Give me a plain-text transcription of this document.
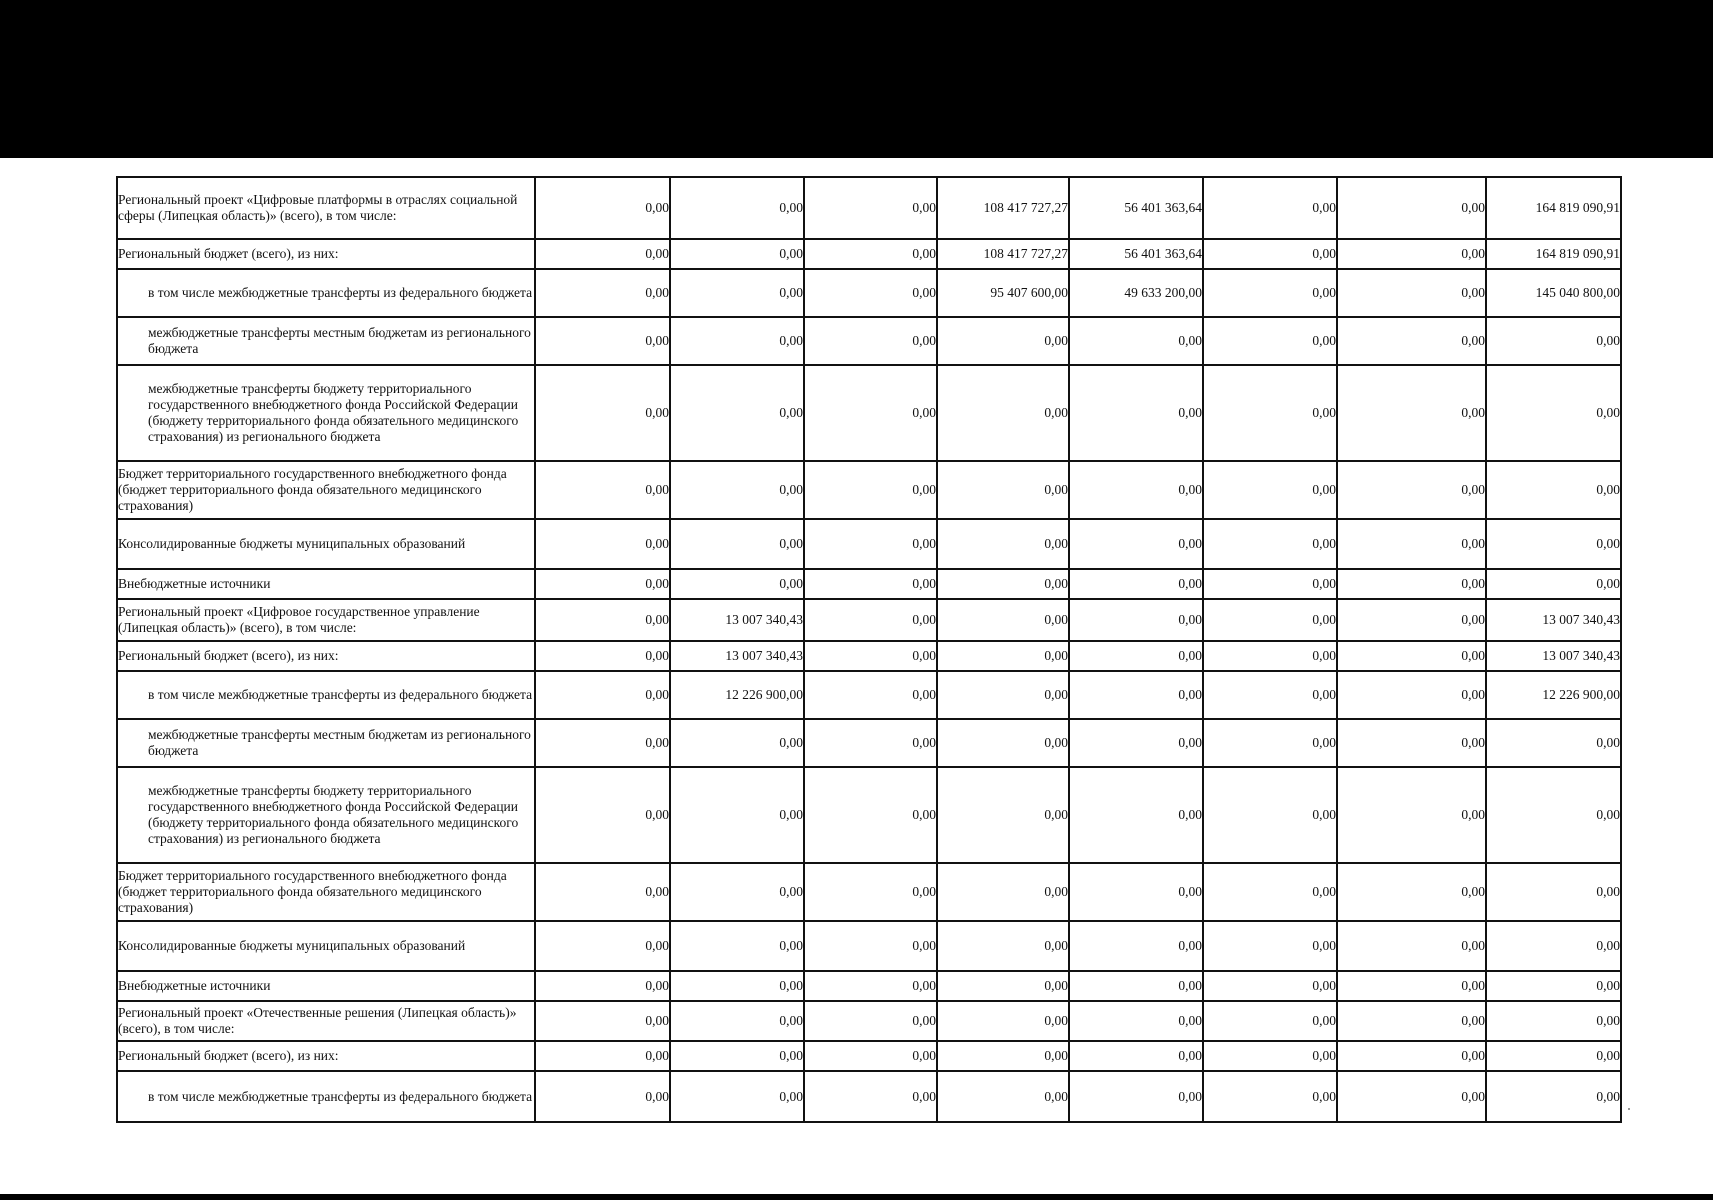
Региональный проект «Цифровые платформы в отраслях социальной сферы (Липецкая область)» (всего), в том числе:	0,00	0,00	0,00	108 417 727,27	56 401 363,64	0,00	0,00	164 819 090,91
Региональный бюджет (всего), из них:	0,00	0,00	0,00	108 417 727,27	56 401 363,64	0,00	0,00	164 819 090,91
в том числе межбюджетные трансферты из федерального бюджета	0,00	0,00	0,00	95 407 600,00	49 633 200,00	0,00	0,00	145 040 800,00
межбюджетные трансферты местным бюджетам из регионального бюджета	0,00	0,00	0,00	0,00	0,00	0,00	0,00	0,00
межбюджетные трансферты бюджету территориального государственного внебюджетного фонда Российской Федерации (бюджету территориального фонда обязательного медицинского страхования) из регионального бюджета	0,00	0,00	0,00	0,00	0,00	0,00	0,00	0,00
Бюджет территориального государственного внебюджетного фонда (бюджет территориального фонда обязательного медицинского страхования)	0,00	0,00	0,00	0,00	0,00	0,00	0,00	0,00
Консолидированные бюджеты муниципальных образований	0,00	0,00	0,00	0,00	0,00	0,00	0,00	0,00
Внебюджетные источники	0,00	0,00	0,00	0,00	0,00	0,00	0,00	0,00
Региональный проект «Цифровое государственное управление (Липецкая область)» (всего), в том числе:	0,00	13 007 340,43	0,00	0,00	0,00	0,00	0,00	13 007 340,43
Региональный бюджет (всего), из них:	0,00	13 007 340,43	0,00	0,00	0,00	0,00	0,00	13 007 340,43
в том числе межбюджетные трансферты из федерального бюджета	0,00	12 226 900,00	0,00	0,00	0,00	0,00	0,00	12 226 900,00
межбюджетные трансферты местным бюджетам из регионального бюджета	0,00	0,00	0,00	0,00	0,00	0,00	0,00	0,00
межбюджетные трансферты бюджету территориального государственного внебюджетного фонда Российской Федерации (бюджету территориального фонда обязательного медицинского страхования) из регионального бюджета	0,00	0,00	0,00	0,00	0,00	0,00	0,00	0,00
Бюджет территориального государственного внебюджетного фонда (бюджет территориального фонда обязательного медицинского страхования)	0,00	0,00	0,00	0,00	0,00	0,00	0,00	0,00
Консолидированные бюджеты муниципальных образований	0,00	0,00	0,00	0,00	0,00	0,00	0,00	0,00
Внебюджетные источники	0,00	0,00	0,00	0,00	0,00	0,00	0,00	0,00
Региональный проект «Отечественные решения (Липецкая область)» (всего), в том числе:	0,00	0,00	0,00	0,00	0,00	0,00	0,00	0,00
Региональный бюджет (всего), из них:	0,00	0,00	0,00	0,00	0,00	0,00	0,00	0,00
в том числе межбюджетные трансферты из федерального бюджета	0,00	0,00	0,00	0,00	0,00	0,00	0,00	0,00
